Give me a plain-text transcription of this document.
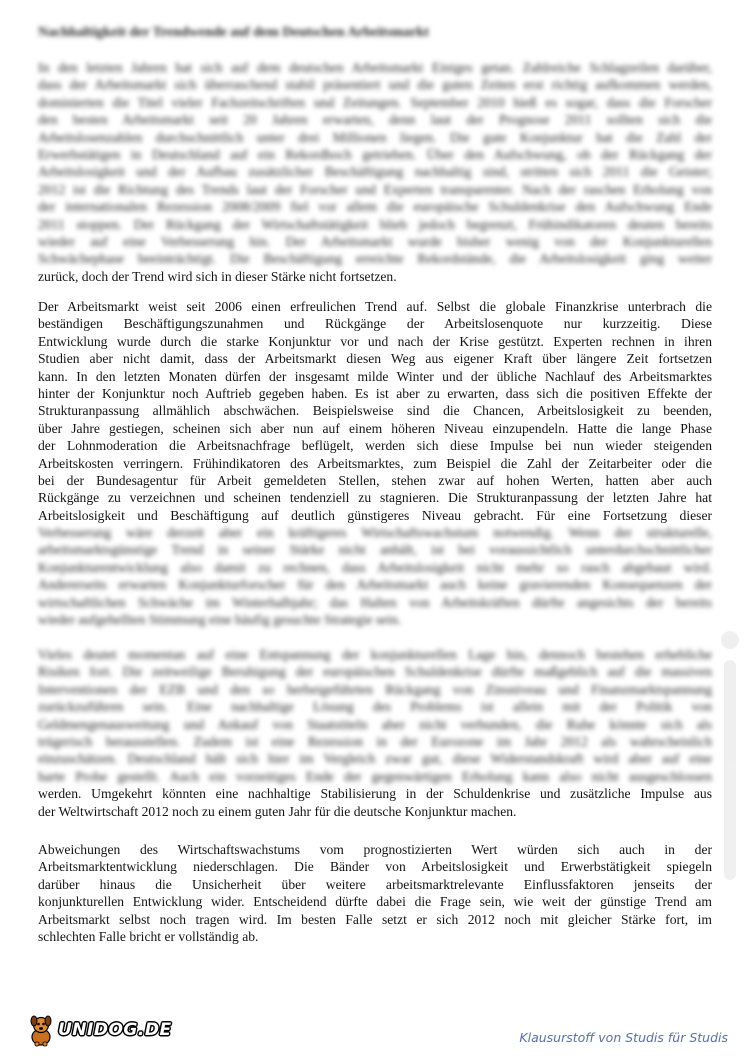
Nachhaltigkeit der Trendwende auf dem Deutschen Arbeitsmarkt
In den letzten Jahren hat sich auf dem deutschen Arbeitsmarkt Einiges getan. Zahlreiche Schlagzeilen darüber,
dass der Arbeitsmarkt sich überraschend stabil präsentiert und die guten Zeiten erst richtig aufkommen werden,
dominierten die Titel vieler Fachzeitschriften und Zeitungen. September 2010 hieß es sogar, dass die Forscher
den besten Arbeitsmarkt seit 20 Jahren erwarten, denn laut der Prognose 2011 sollten sich die
Arbeitslosenzahlen durchschnittlich unter drei Millionen liegen. Die gute Konjunktur hat die Zahl der
Erwerbstätigen in Deutschland auf ein Rekordhoch getrieben. Über den Aufschwung, ob der Rückgang der
Arbeitslosigkeit und der Aufbau zusätzlicher Beschäftigung nachhaltig sind, stritten sich 2011 die Geister;
2012 ist die Richtung des Trends laut der Forscher und Experten transparenter. Nach der raschen Erholung von
der internationalen Rezession 2008/2009 fiel vor allem die europäische Schuldenkrise den Aufschwung Ende
2011 stoppen. Der Rückgang der Wirtschaftstätigkeit blieb jedoch begrenzt, Frühindikatoren deuten bereits
wieder auf eine Verbesserung hin. Der Arbeitsmarkt wurde bisher wenig von der Konjunkturellen
Schwächephase beeinträchtigt. Die Beschäftigung erreichte Rekordstände, die Arbeitslosigkeit ging weiter
zurück, doch der Trend wird sich in dieser Stärke nicht fortsetzen.
Der Arbeitsmarkt weist seit 2006 einen erfreulichen Trend auf. Selbst die globale Finanzkrise unterbrach die
beständigen Beschäftigungszunahmen und Rückgänge der Arbeitslosenquote nur kurzzeitig. Diese
Entwicklung wurde durch die starke Konjunktur vor und nach der Krise gestützt. Experten rechnen in ihren
Studien aber nicht damit, dass der Arbeitsmarkt diesen Weg aus eigener Kraft über längere Zeit fortsetzen
kann. In den letzten Monaten dürfen der insgesamt milde Winter und der übliche Nachlauf des Arbeitsmarktes
hinter der Konjunktur noch Auftrieb gegeben haben. Es ist aber zu erwarten, dass sich die positiven Effekte der
Strukturanpassung allmählich abschwächen. Beispielsweise sind die Chancen, Arbeitslosigkeit zu beenden,
über Jahre gestiegen, scheinen sich aber nun auf einem höheren Niveau einzupendeln. Hatte die lange Phase
der Lohnmoderation die Arbeitsnachfrage beflügelt, werden sich diese Impulse bei nun wieder steigenden
Arbeitskosten verringern. Frühindikatoren des Arbeitsmarktes, zum Beispiel die Zahl der Zeitarbeiter oder die
bei der Bundesagentur für Arbeit gemeldeten Stellen, stehen zwar auf hohen Werten, hatten aber auch
Rückgänge zu verzeichnen und scheinen tendenziell zu stagnieren. Die Strukturanpassung der letzten Jahre hat
Arbeitslosigkeit und Beschäftigung auf deutlich günstigeres Niveau gebracht. Für eine Fortsetzung dieser
Verbesserung wäre derzeit aber ein kräftigeres Wirtschaftswachstum notwendig. Wenn der strukturelle,
arbeitsmarktsgünstige Trend in seiner Stärke nicht anhält, ist bei voraussichtlich unterdurchschnittlicher
Konjunkturentwicklung also damit zu rechnen, dass Arbeitslosigkeit nicht mehr so rasch abgebaut wird.
Andererseits erwarten Konjunkturforscher für den Arbeitsmarkt auch keine gravierenden Konsequenzen der
wirtschaftlichen Schwäche im Winterhalbjahr; das Halten von Arbeitskräften dürfte angesichts der bereits
wieder aufgehellten Stimmung eine häufig gesuchte Strategie sein.
Vieles deutet momentan auf eine Entspannung der konjunkturellen Lage hin, dennoch bestehen erhebliche
Risiken fort. Die zeitweilige Beruhigung der europäischen Schuldenkrise dürfte maßgeblich auf die massiven
Interventionen der EZB und den so herbeigeführten Rückgang von Zinsniveau und Finanzmarktspannung
zurückzuführen sein. Eine nachhaltige Lösung des Problems ist allein mit der Politik von
Geldmengenausweitung und Ankauf von Staatstiteln aber nicht verbunden, die Ruhe könnte sich als
trügerisch herausstellen. Zudem ist eine Rezession in der Eurozone im Jahr 2012 als wahrscheinlich
einzuschätzen. Deutschland hält sich hier im Vergleich zwar gut, diese Widerstandskraft wird aber auf eine
harte Probe gestellt. Auch ein vorzeitiges Ende der gegenwärtigen Erholung kann also nicht ausgeschlossen
werden. Umgekehrt könnten eine nachhaltige Stabilisierung in der Schuldenkrise und zusätzliche Impulse aus
der Weltwirtschaft 2012 noch zu einem guten Jahr für die deutsche Konjunktur machen.
Abweichungen des Wirtschaftswachstums vom prognostizierten Wert würden sich auch in der
Arbeitsmarktentwicklung niederschlagen. Die Bänder von Arbeitslosigkeit und Erwerbstätigkeit spiegeln
darüber hinaus die Unsicherheit über weitere arbeitsmarktrelevante Einflussfaktoren jenseits der
konjunkturellen Entwicklung wider. Entscheidend dürfte dabei die Frage sein, wie weit der günstige Trend am
Arbeitsmarkt selbst noch tragen wird. Im besten Falle setzt er sich 2012 noch mit gleicher Stärke fort, im
schlechten Falle bricht er vollständig ab.
UNIDOG.DE	Klausurstoff von Studis für Studis
